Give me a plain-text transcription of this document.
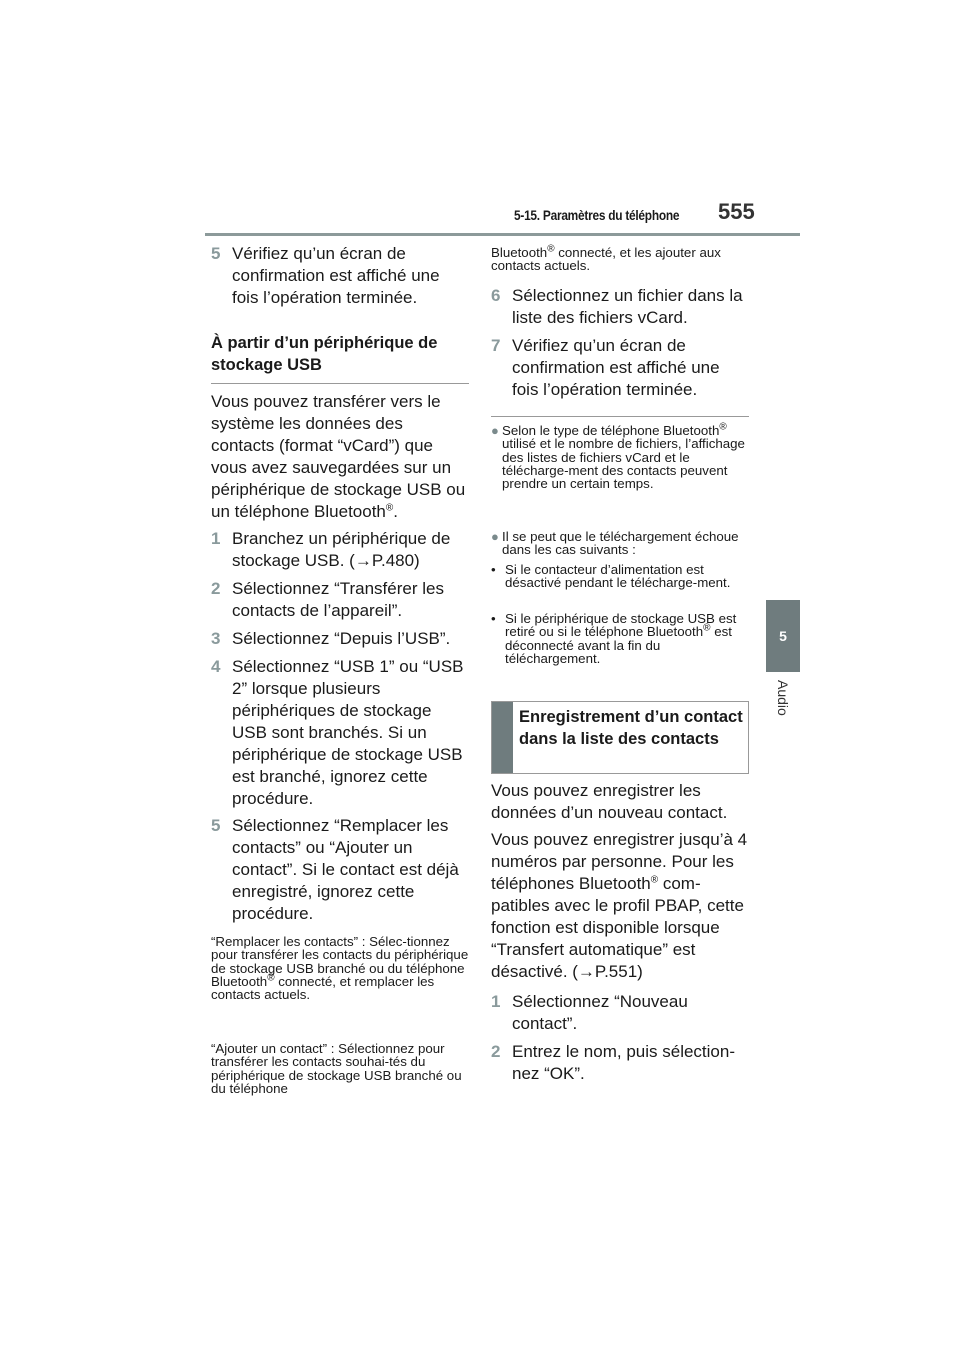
5-15. Paramètres du téléphone 555
5
Audio
5 Vérifiez qu’un écran de confirmation est affiché une fois l’opération terminée.
À partir d’un périphérique de stockage USB
Vous pouvez transférer vers le système les données des contacts (format “vCard”) que vous avez sauvegardées sur un périphérique de stockage USB ou un téléphone Bluetooth®.
1 Branchez un périphérique de stockage USB. (→P.480)
2 Sélectionnez “Transférer les contacts de l’appareil”.
3 Sélectionnez “Depuis l’USB”.
4 Sélectionnez “USB 1” ou “USB 2” lorsque plusieurs périphériques de stockage USB sont branchés. Si un périphérique de stockage USB est branché, ignorez cette procédure.
5 Sélectionnez “Remplacer les contacts” ou “Ajouter un contact”. Si le contact est déjà enregistré, ignorez cette procédure.
“Remplacer les contacts” : Sélec-tionnez pour transférer les contacts du périphérique de stockage USB branché ou du téléphone Bluetooth® connecté, et remplacer les contacts actuels.
“Ajouter un contact” : Sélectionnez pour transférer les contacts souhai-tés du périphérique de stockage USB branché ou du téléphone
Bluetooth® connecté, et les ajouter aux contacts actuels.
6 Sélectionnez un fichier dans la liste des fichiers vCard.
7 Vérifiez qu’un écran de confirmation est affiché une fois l’opération terminée.
● Selon le type de téléphone Bluetooth® utilisé et le nombre de fichiers, l’affichage des listes de fichiers vCard et le télécharge-ment des contacts peuvent prendre un certain temps.
● Il se peut que le téléchargement échoue dans les cas suivants :
• Si le contacteur d’alimentation est désactivé pendant le télécharge-ment.
• Si le périphérique de stockage USB est retiré ou si le téléphone Bluetooth® est déconnecté avant la fin du téléchargement.
Enregistrement d’un contact dans la liste des contacts
Vous pouvez enregistrer les données d’un nouveau contact.
Vous pouvez enregistrer jusqu’à 4 numéros par personne. Pour les téléphones Bluetooth® com-patibles avec le profil PBAP, cette fonction est disponible lorsque “Transfert automatique” est désactivé. (→P.551)
1 Sélectionnez “Nouveau contact”.
2 Entrez le nom, puis sélection-nez “OK”.
